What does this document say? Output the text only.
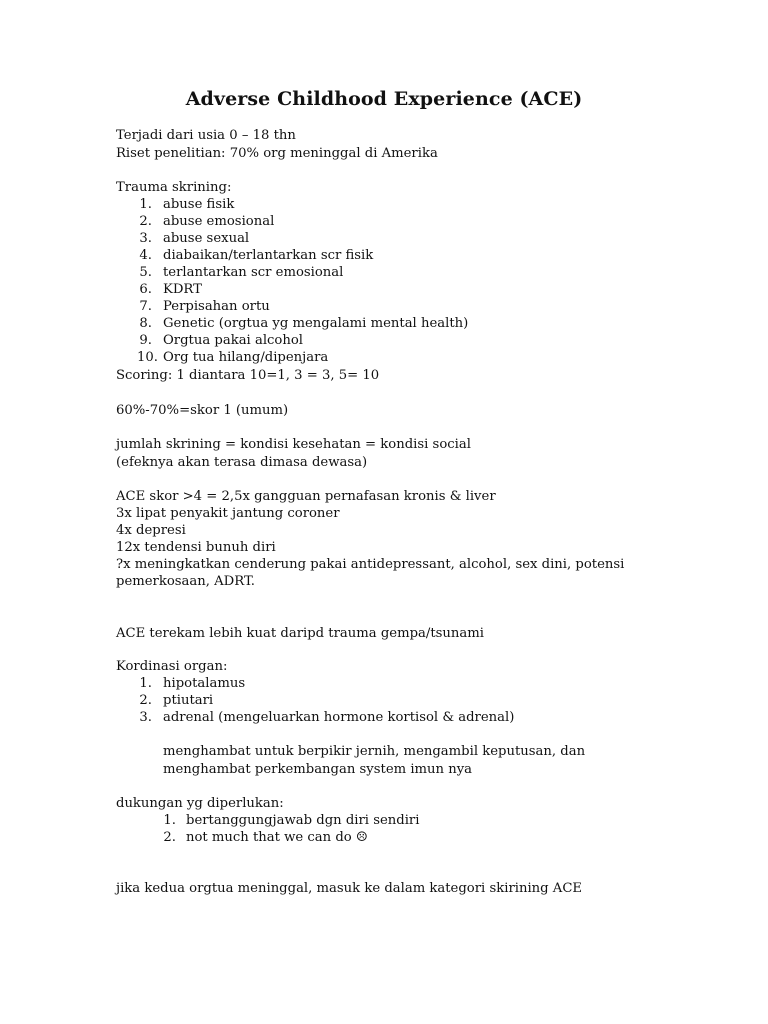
Adverse Childhood Experience (ACE)
Terjadi dari usia 0 – 18 thn
Riset penelitian: 70% org meninggal di Amerika
Trauma skrining:
1. abuse fisik
2. abuse emosional
3. abuse sexual
4. diabaikan/terlantarkan scr fisik
5. terlantarkan scr emosional
6. KDRT
7. Perpisahan ortu
8. Genetic (orgtua yg mengalami mental health)
9. Orgtua pakai alcohol
10. Org tua hilang/dipenjara
Scoring: 1 diantara 10=1, 3 = 3, 5= 10
60%-70%=skor 1 (umum)
jumlah skrining = kondisi kesehatan = kondisi social
(efeknya akan terasa dimasa dewasa)
ACE skor >4 = 2,5x gangguan pernafasan kronis & liver
3x lipat penyakit jantung coroner
4x depresi
12x tendensi bunuh diri
?x meningkatkan cenderung pakai antidepressant, alcohol, sex dini, potensi
pemerkosaan, ADRT.
ACE terekam lebih kuat daripd trauma gempa/tsunami
Kordinasi organ:
1. hipotalamus
2. ptiutari
3. adrenal (mengeluarkan hormone kortisol & adrenal)
menghambat untuk berpikir jernih, mengambil keputusan, dan
menghambat perkembangan system imun nya
dukungan yg diperlukan:
1. bertanggungjawab dgn diri sendiri
2. not much that we can do ☹
jika kedua orgtua meninggal, masuk ke dalam kategori skirining ACE
